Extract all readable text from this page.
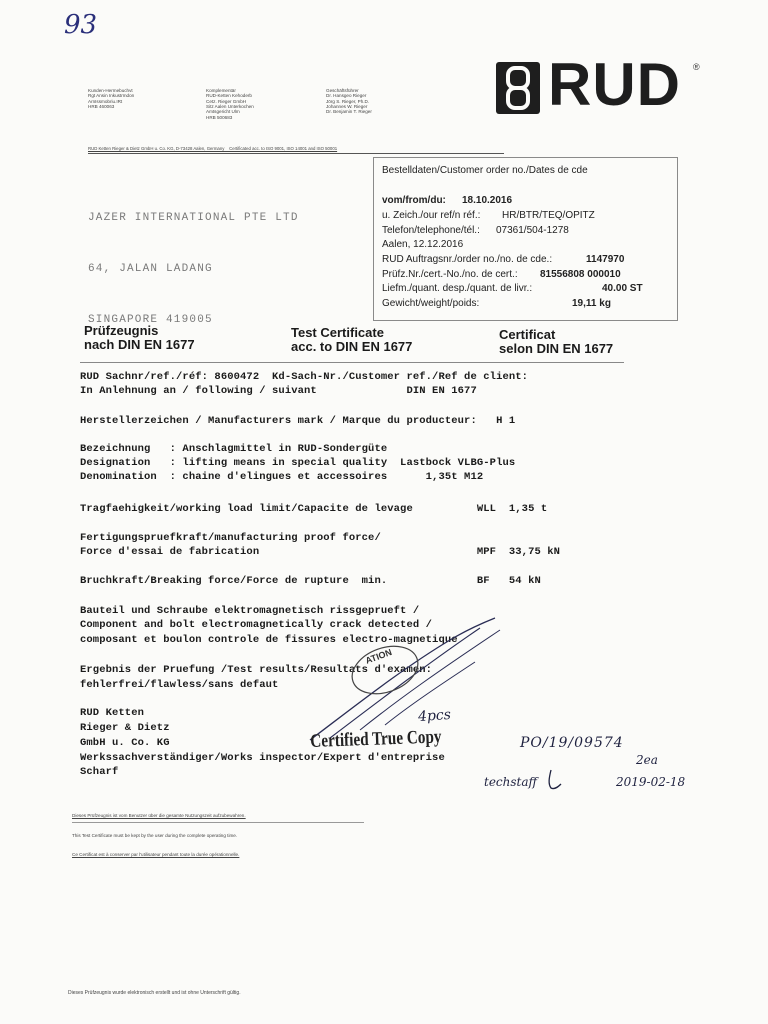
93

Kunden-Hermebuchvt
Rgt Ansin Inkustrmdon
ArnIssmobriu.IRt
HRB 460063

Komplementär
RUD-Ketten Kehoderb
Cetz. Rieger GmbH
Sitz Aalen Unterkochen
Amtsgericht Ulm
HRB 500683

Geschäftsführer
Dr. Hansgeo Rieger
Jörg S. Rieger, Ph.D.
Johannes W. Rieger
Dr. Benjamin T. Rieger

	RUD ®
RUD Ketten Rieger & Dietz GmbH u. Co. KG, D-73428 Aalen, Germany    Certificated acc. to ISO 9001, ISO 14001 and ISO 50001

JAZER INTERNATIONAL PTE LTD

64, JALAN LADANG

SINGAPORE 419005

Bestelldaten/Customer order no./Dates de cde
vom/from/du: 18.10.2016
u. Zeich./our ref/n réf.: HR/BTR/TEQ/OPITZ
Telefon/telephone/tél.: 07361/504-1278
Aalen, 12.12.2016
RUD Auftragsnr./order no./no. de cde.:	1147970
Prüfz.Nr./cert.-No./no. de cert.: 81556808 000010
Liefm./quant. desp./quant. de livr.:	40.00 ST
Gewicht/weight/poids:	19,11 kg
Prüfzeugnis
nach DIN EN 1677
Test Certificate
acc. to DIN EN 1677
Certificat
selon DIN EN 1677
RUD Sachnr/ref./réf: 8600472  Kd-Sach-Nr./Customer ref./Ref de client:
In Anlehnung an / following / suivant              DIN EN 1677
Herstellerzeichen / Manufacturers mark / Marque du producteur:   H 1
Bezeichnung   : Anschlagmittel in RUD-Sondergüte
Designation   : lifting means in special quality  Lastbock VLBG-Plus
Denomination  : chaine d'elingues et accessoires      1,35t M12
Tragfaehigkeit/working load limit/Capacite de levage          WLL  1,35 t
Fertigungspruefkraft/manufacturing proof force/
Force d'essai de fabrication                                  MPF  33,75 kN
Bruchkraft/Breaking force/Force de rupture  min.              BF   54 kN
Bauteil und Schraube elektromagnetisch rissgeprueft /
Component and bolt electromagnetically crack detected /
composant et boulon controle de fissures electro-magnetique
Ergebnis der Pruefung /Test results/Resultats d'examen:
fehlerfrei/flawless/sans defaut
RUD Ketten
Rieger & Dietz
GmbH u. Co. KG
Werkssachverständiger/Works inspector/Expert d'entreprise
Scharf
ATION
4pcs
Certified True Copy	PO/19/09574
2ea
techstaff	2019-02-18

Dieses Prüfzeugnis ist vom Benutzer über die gesamte Nutzungszeit aufzubewahren.

This Test Certificate must be kept by the user during the complete operating time.

Ce Certificat est à conserver par l'utilisateur pendant toute la durée opérationnelle.

Dieses Prüfzeugnis wurde elektronisch erstellt und ist ohne Unterschrift gültig.
